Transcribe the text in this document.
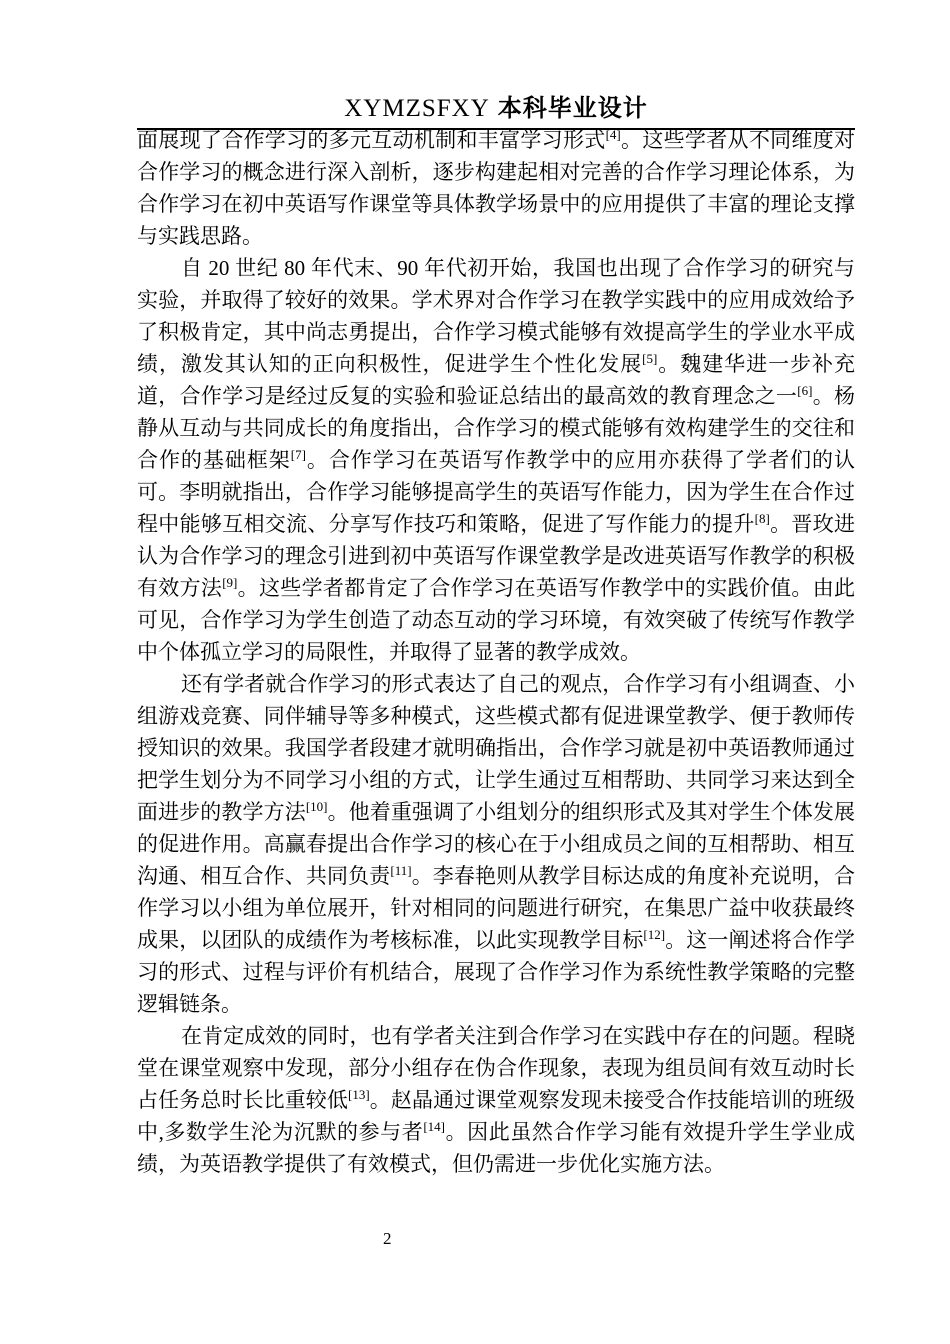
XYMZSFXY 本科毕业设计

面展现了合作学习的多元互动机制和丰富学习形式[4]。这些学者从不同维度对合作学习的概念进行深入剖析，逐步构建起相对完善的合作学习理论体系，为合作学习在初中英语写作课堂等具体教学场景中的应用提供了丰富的理论支撑与实践思路。

自 20 世纪 80 年代末、90 年代初开始，我国也出现了合作学习的研究与实验，并取得了较好的效果。学术界对合作学习在教学实践中的应用成效给予了积极肯定，其中尚志勇提出，合作学习模式能够有效提高学生的学业水平成绩，激发其认知的正向积极性，促进学生个性化发展[5]。魏建华进一步补充道，合作学习是经过反复的实验和验证总结出的最高效的教育理念之一[6]。杨静从互动与共同成长的角度指出，合作学习的模式能够有效构建学生的交往和合作的基础框架[7]。合作学习在英语写作教学中的应用亦获得了学者们的认可。李明就指出，合作学习能够提高学生的英语写作能力，因为学生在合作过程中能够互相交流、分享写作技巧和策略，促进了写作能力的提升[8]。晋玫进认为合作学习的理念引进到初中英语写作课堂教学是改进英语写作教学的积极有效方法[9]。这些学者都肯定了合作学习在英语写作教学中的实践价值。由此可见，合作学习为学生创造了动态互动的学习环境，有效突破了传统写作教学中个体孤立学习的局限性，并取得了显著的教学成效。

还有学者就合作学习的形式表达了自己的观点，合作学习有小组调查、小组游戏竞赛、同伴辅导等多种模式，这些模式都有促进课堂教学、便于教师传授知识的效果。我国学者段建才就明确指出，合作学习就是初中英语教师通过把学生划分为不同学习小组的方式，让学生通过互相帮助、共同学习来达到全面进步的教学方法[10]。他着重强调了小组划分的组织形式及其对学生个体发展的促进作用。高赢春提出合作学习的核心在于小组成员之间的互相帮助、相互沟通、相互合作、共同负责[11]。李春艳则从教学目标达成的角度补充说明，合作学习以小组为单位展开，针对相同的问题进行研究，在集思广益中收获最终成果，以团队的成绩作为考核标准，以此实现教学目标[12]。这一阐述将合作学习的形式、过程与评价有机结合，展现了合作学习作为系统性教学策略的完整逻辑链条。

在肯定成效的同时，也有学者关注到合作学习在实践中存在的问题。程晓堂在课堂观察中发现，部分小组存在伪合作现象，表现为组员间有效互动时长占任务总时长比重较低[13]。赵晶通过课堂观察发现未接受合作技能培训的班级中,多数学生沦为沉默的参与者[14]。因此虽然合作学习能有效提升学生学业成绩，为英语教学提供了有效模式，但仍需进一步优化实施方法。

2
